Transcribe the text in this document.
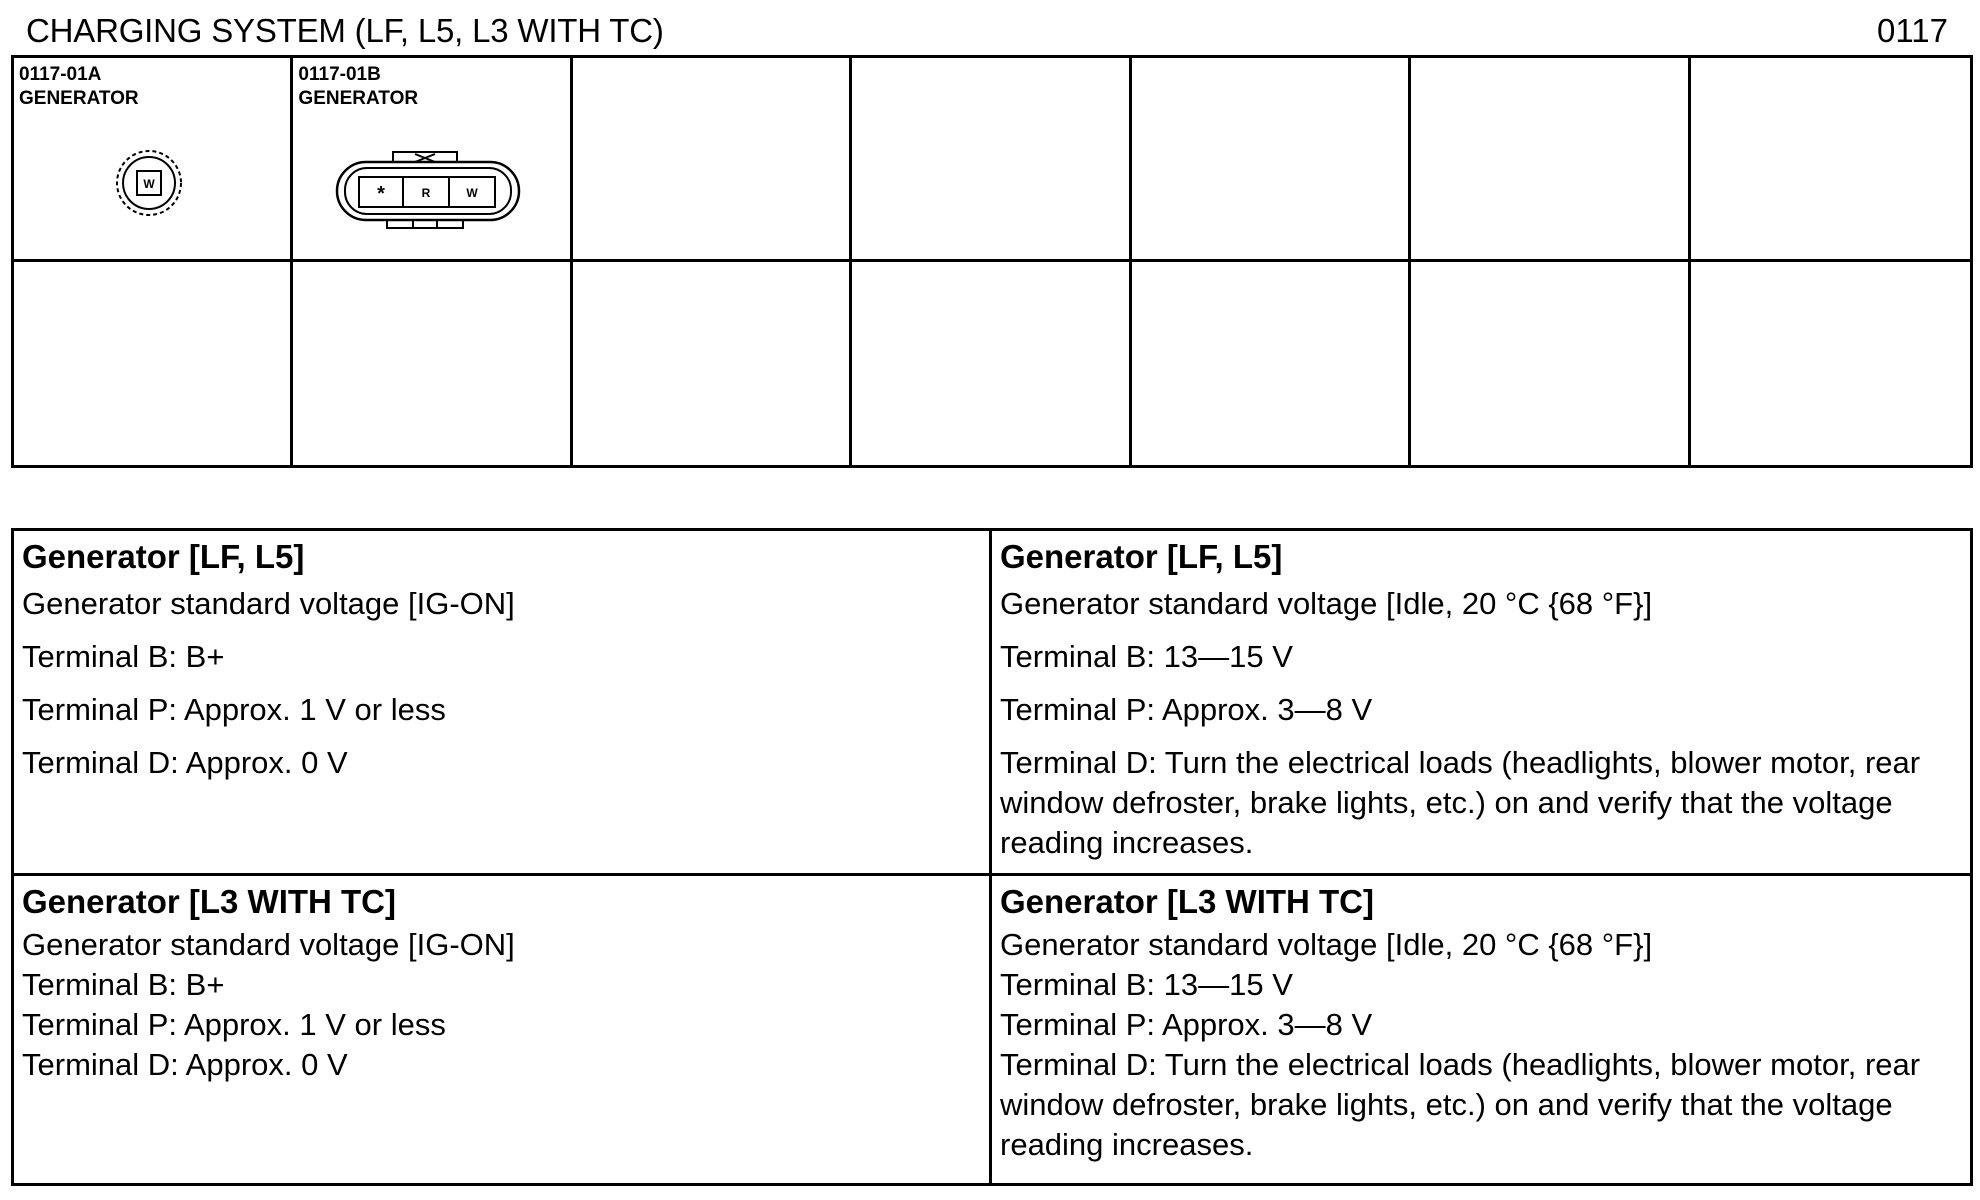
CHARGING SYSTEM (LF, L5, L3 WITH TC)	0117
0117-01A
GENERATOR
W
0117-01B
GENERATOR
*	R	W
Generator [LF, L5]
Generator standard voltage [IG-ON]
Terminal B: B+
Terminal P: Approx. 1 V or less
Terminal D: Approx. 0 V
Generator [LF, L5]
Generator standard voltage [Idle, 20 °C {68 °F}]
Terminal B: 13—15 V
Terminal P: Approx. 3—8 V
Terminal D: Turn the electrical loads (headlights, blower motor, rear window defroster, brake lights, etc.) on and verify that the voltage reading increases.
Generator [L3 WITH TC]
Generator standard voltage [IG-ON]
Terminal B: B+
Terminal P: Approx. 1 V or less
Terminal D: Approx. 0 V
Generator [L3 WITH TC]
Generator standard voltage [Idle, 20 °C {68 °F}]
Terminal B: 13—15 V
Terminal P: Approx. 3—8 V
Terminal D: Turn the electrical loads (headlights, blower motor, rear window defroster, brake lights, etc.) on and verify that the voltage reading increases.
